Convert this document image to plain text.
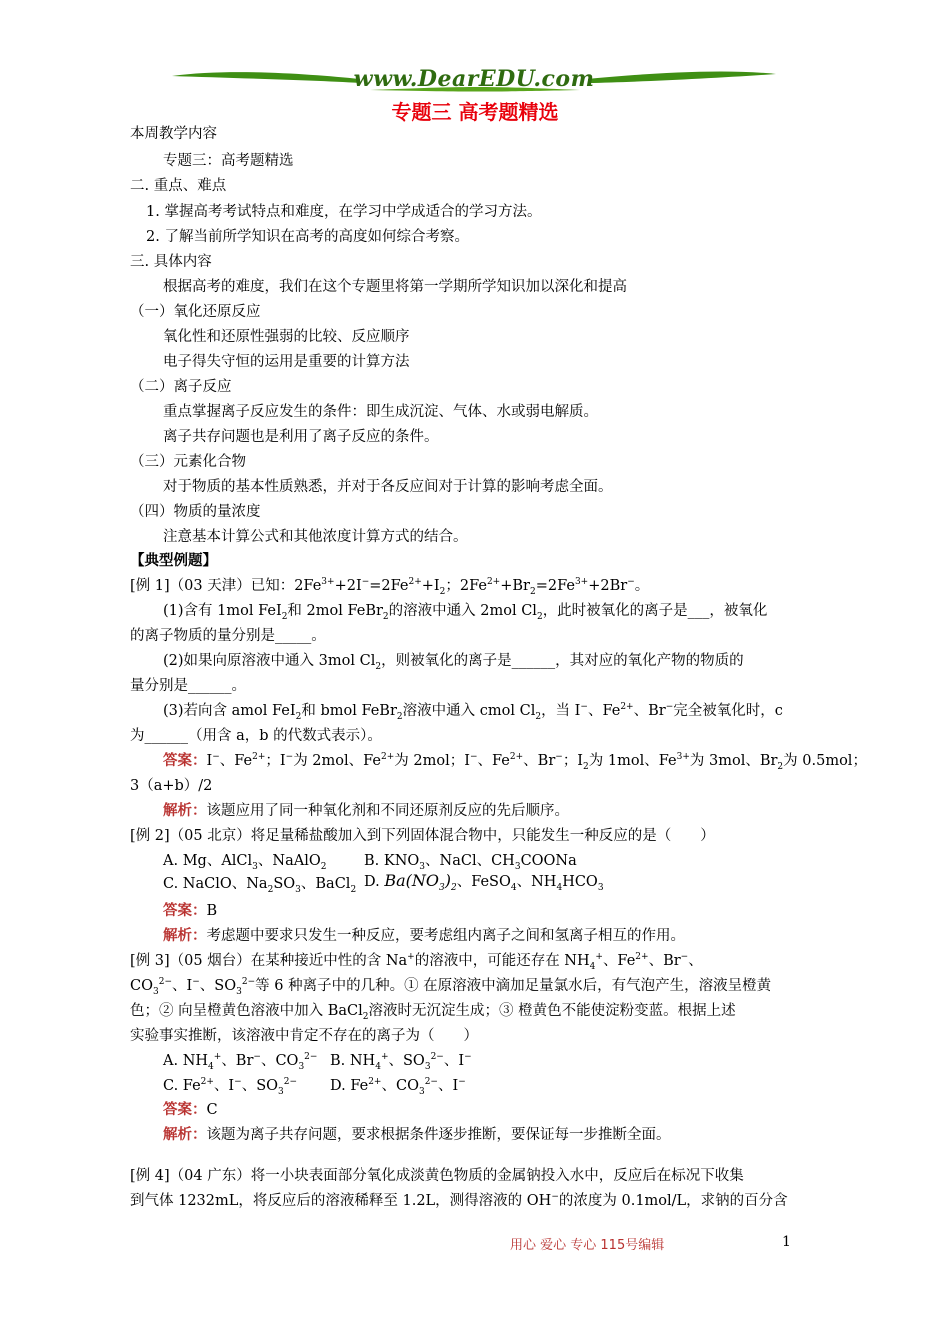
www.DearEDU.com
专题三 高考题精选
本周教学内容
专题三：高考题精选
二. 重点、难点
1. 掌握高考考试特点和难度，在学习中学成适合的学习方法。
2. 了解当前所学知识在高考的高度如何综合考察。
三. 具体内容
根据高考的难度，我们在这个专题里将第一学期所学知识加以深化和提高
（一）氧化还原反应
氧化性和还原性强弱的比较、反应顺序
电子得失守恒的运用是重要的计算方法
（二）离子反应
重点掌握离子反应发生的条件：即生成沉淀、气体、水或弱电解质。
离子共存问题也是利用了离子反应的条件。
（三）元素化合物
对于物质的基本性质熟悉，并对于各反应间对于计算的影响考虑全面。
（四）物质的量浓度
注意基本计算公式和其他浓度计算方式的结合。
【典型例题】
[例 1]（03 天津）已知：$2Fe^{3+}+2I^-=2Fe^{2+}+I_2$；$2Fe^{2+}+Br_2=2Fe^{3+}+2Br^-$。
(1)含有 1mol FeI$_2$和 2mol FeBr$_2$的溶液中通入 2mol $Cl_2$，此时被氧化的离子是___，被氧化
的离子物质的量分别是_____。
(2)如果向原溶液中通入 3mol $Cl_2$，则被氧化的离子是______，其对应的氧化产物的物质的
量分别是______。
(3)若向含 amol FeI$_2$和 bmol FeBr$_2$溶液中通入 cmol $Cl_2$，当 I−、$Fe^{2+}$、Br−完全被氧化时，c
为______（用含 a，b 的代数式表示）。
答案：I−、$Fe^{2+}$；I−为 2mol、$Fe^{2+}$为 2mol；I−、$Fe^{2+}$、Br−；$I_2$为 1mol、$Fe^{3+}$为 3mol、$Br_2$为 0.5mol；
3（a+b）/2
解析：该题应用了同一种氧化剂和不同还原剂反应的先后顺序。
[例 2]（05 北京）将足量稀盐酸加入到下列固体混合物中，只能发生一种反应的是（　　）
A. Mg、AlCl$_3$、NaAlO$_2$	B. $KNO_3$、NaCl、$CH_3COONa$
C. NaClO、$Na_2SO_3$、BaCl$_2$ D. $Ba(NO_3)_2$、FeSO$_4$、$NH_4HCO_3$
答案：B
解析：考虑题中要求只发生一种反应，要考虑组内离子之间和氢离子相互的作用。
[例 3]（05 烟台）在某种接近中性的含 Na+的溶液中，可能还存在 $NH_4^+$、$Fe^{2+}$、Br−、
$CO_3^{2-}$、I−、$SO_3^{2-}$等 6 种离子中的几种。① 在原溶液中滴加足量氯水后，有气泡产生，溶液呈橙黄
色；② 向呈橙黄色溶液中加入 BaCl$_2$溶液时无沉淀生成；③ 橙黄色不能使淀粉变蓝。根据上述
实验事实推断，该溶液中肯定不存在的离子为（　　）
A. $NH_4^+$、Br−、$CO_3^{2-}$ B. $NH_4^+$、$SO_3^{2-}$、I−
C. $Fe^{2+}$、I−、$SO_3^{2-}$ D. $Fe^{2+}$、$CO_3^{2-}$、I−
答案：C
解析：该题为离子共存问题，要求根据条件逐步推断，要保证每一步推断全面。
[例 4]（04 广东）将一小块表面部分氧化成淡黄色物质的金属钠投入水中，反应后在标况下收集
到气体 1232mL，将反应后的溶液稀释至 1.2L，测得溶液的 OH−的浓度为 0.1mol/L，求钠的百分含
用心 爱心 专心 115号编辑	1
